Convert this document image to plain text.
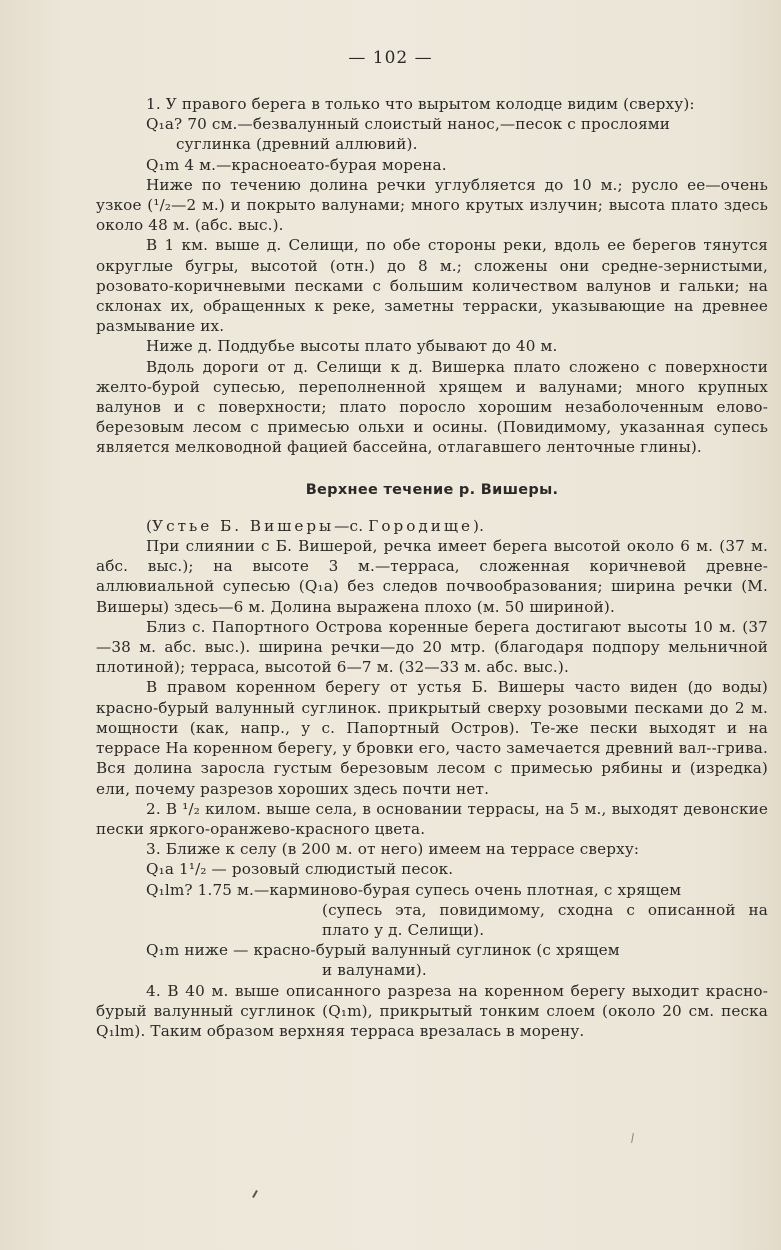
— 102 —

1. У правого берега в только что вырытом колодце видим (сверху):

Q₁a? 70 см.—безвалунный слоистый нанос,—песок с прослоями
суглинка (древний аллювий).

Q₁m 4 м.—красноеато-бурая морена.

Ниже по течению долина речки углубляется до 10 м.; русло ее—очень узкое (¹/₂—2 м.) и покрыто валунами; много крутых излучин; высота плато здесь около 48 м. (абс. выс.).

В 1 км. выше д. Селищи, по обе стороны реки, вдоль ее берегов тянутся округлые бугры, высотой (отн.) до 8 м.; сложены они средне-зернистыми, розовато-коричневыми песками с большим количеством валунов и гальки; на склонах их, обращенных к реке, заметны терраски, указывающие на древнее размывание их.

Ниже д. Поддубье высоты плато убывают до 40 м.

Вдоль дороги от д. Селищи к д. Вишерка плато сложено с поверхности желто-бурой супесью, переполненной хрящем и валунами; много крупных валунов и с поверхности; плато поросло хорошим незаболоченным елово-березовым лесом с примесью ольхи и осины. (Повидимому, указанная супесь является мелководной фацией бассейна, отлагавшего ленточные глины).

Верхнее течение р. Вишеры.

(Устье Б. Вишеры—с. Городище).

При слиянии с Б. Вишерой, речка имеет берега высотой около 6 м. (37 м. абс. выс.); на высоте 3 м.—терраса, сложенная коричневой древне-аллювиальной супесью (Q₁a) без следов почвообразования; ширина речки (М. Вишеры) здесь—6 м. Долина выражена плохо (м. 50 шириной).

Близ с. Папортного Острова коренные берега достигают высоты 10 м. (37—38 м. абс. выс.). ширина речки—до 20 мтр. (благодаря подпору мельничной плотиной); терраса, высотой 6—7 м. (32—33 м. абс. выс.).

В правом коренном берегу от устья Б. Вишеры часто виден (до воды) красно-бурый валунный суглинок. прикрытый сверху розовыми песками до 2 м. мощности (как, напр., у с. Папортный Остров). Те-же пески выходят и на террасе На коренном берегу, у бровки его, часто замечается древний вал--грива. Вся долина заросла густым березовым лесом с примесью рябины и (изредка) ели, почему разрезов хороших здесь почти нет.

2. В ¹/₂ килом. выше села, в основании террасы, на 5 м., выходят девонские пески яркого-оранжево-красного цвета.

3. Ближе к селу (в 200 м. от него) имеем на террасе сверху:

Q₁a 1¹/₂ — розовый слюдистый песок.

Q₁lm? 1.75 м.—карминово-бурая супесь очень плотная, с хрящем
(супесь эта, повидимому, сходна с описанной на плато у д. Селищи).

Q₁m ниже — красно-бурый валунный суглинок (с хрящем
и валунами).

4. В 40 м. выше описанного разреза на коренном берегу выходит красно-бурый валунный суглинок (Q₁m), прикрытый тонким слоем (около 20 см. песка Q₁lm). Таким образом верхняя терраса врезалась в морену.
